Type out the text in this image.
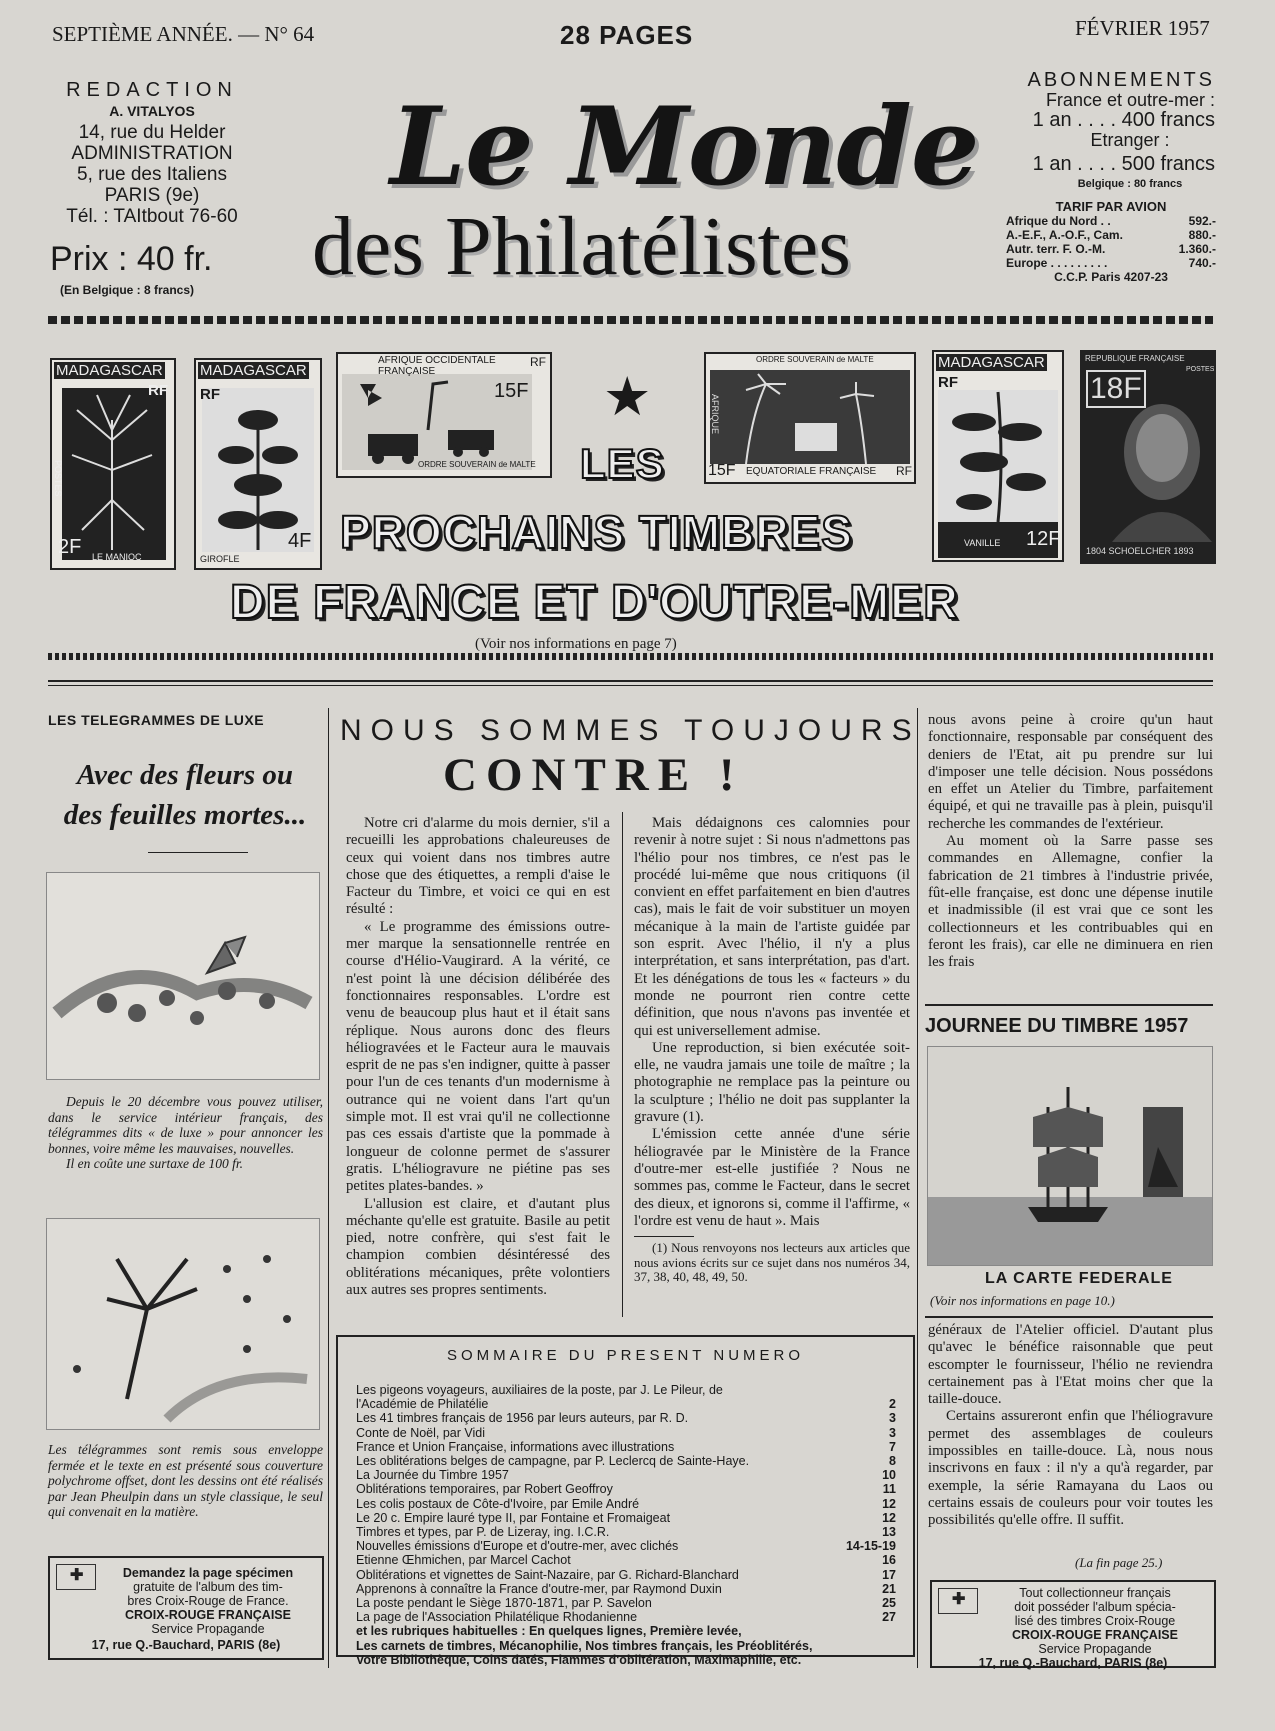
SEPTIÈME ANNÉE. — N° 64	28 PAGES	FÉVRIER 1957
REDACTION
A. VITALYOS
14, rue du Helder
ADMINISTRATION
5, rue des Italiens
PARIS (9e)
Tél. : TAItbout 76-60
Prix : 40 fr.
(En Belgique : 8 francs)
Le Monde
des Philatélistes
ABONNEMENTS
France et outre-mer :
1 an . . . . 400 francs
Etranger :
1 an . . . . 500 francs
Belgique : 80 francs
TARIF PAR AVION
Afrique du Nord . .	592.-
A.-E.F., A.-O.F., Cam.	880.-
Autr. terr. F. O.-M.	1.360.-
Europe . . . . . . . . .	740.-
C.C.P. Paris 4207-23
MADAGASCAR
RF
2F LE MANIOC
POSTES
MADAGASCAR
RF
4F
GIROFLE
AFRIQUE OCCIDENTALE FRANÇAISE
RF
15F
ORDRE SOUVERAIN de MALTE
★
ORDRE SOUVERAIN de MALTE
15F EQUATORIALE FRANÇAISE RF
AFRIQUE
MADAGASCAR
RF
12F
VANILLE
REPUBLIQUE FRANÇAISE
POSTES
18F
1804 SCHOELCHER 1893
LES
PROCHAINS TIMBRES
DE FRANCE ET D'OUTRE-MER
(Voir nos informations en page 7)
LES TELEGRAMMES DE LUXE
Avec des fleurs ou
des feuilles mortes...

Depuis le 20 décembre vous pouvez utiliser, dans le service intérieur français, des télégrammes dits « de luxe » pour annoncer les bonnes, voire même les mauvaises, nouvelles.

Il en coûte une surtaxe de 100 fr.

Les télégrammes sont remis sous enveloppe fermée et le texte en est présenté sous couverture polychrome offset, dont les dessins ont été réalisés par Jean Pheulpin dans un style classique, le seul qui convenait en la matière.
✚	Demandez la page spécimen
gratuite de l'album des tim-
bres Croix-Rouge de France.
CROIX-ROUGE FRANÇAISE
Service Propagande
17, rue Q.-Bauchard, PARIS (8e)
NOUS SOMMES TOUJOURS
CONTRE !

Notre cri d'alarme du mois dernier, s'il a recueilli les approbations chaleureuses de ceux qui voient dans nos timbres autre chose que des étiquettes, a rempli d'aise le Facteur du Timbre, et voici ce qui en est résulté :

« Le programme des émissions outre-mer marque la sensationnelle rentrée en course d'Hélio-Vaugirard. A la vérité, ce n'est point là une décision délibérée des fonctionnaires responsables. L'ordre est venu de beaucoup plus haut et il était sans réplique. Nous aurons donc des fleurs héliogravées et le Facteur aura le mauvais esprit de ne pas s'en indigner, quitte à passer pour l'un de ces tenants d'un modernisme à outrance qui ne voient dans l'art qu'un simple mot. Il est vrai qu'il ne collectionne pas ces essais d'artiste que la pommade à longueur de colonne permet de s'assurer gratis. L'héliogravure ne piétine pas ses petites plates-bandes. »

L'allusion est claire, et d'autant plus méchante qu'elle est gratuite. Basile au petit pied, notre confrère, qui s'est fait le champion combien désintéressé des oblitérations mécaniques, prête volontiers aux autres ses propres sentiments.

Mais dédaignons ces calomnies pour revenir à notre sujet : Si nous n'admettons pas l'hélio pour nos timbres, ce n'est pas le procédé lui-même que nous critiquons (il convient en effet parfaitement en bien d'autres cas), mais le fait de voir substituer un moyen mécanique à la main de l'artiste guidée par son esprit. Avec l'hélio, il n'y a plus interprétation, et sans interprétation, pas d'art. Et les dénégations de tous les « facteurs » du monde ne pourront rien contre cette définition, que nous n'avons pas inventée et qui est universellement admise.

Une reproduction, si bien exécutée soit-elle, ne vaudra jamais une toile de maître ; la photographie ne remplace pas la peinture ou la sculpture ; l'hélio ne doit pas supplanter la gravure (1).

L'émission cette année d'une série héliogravée par le Ministère de la France d'outre-mer est-elle justifiée ? Nous ne sommes pas, comme le Facteur, dans le secret des dieux, et ignorons si, comme il l'affirme, « l'ordre est venu de haut ». Mais

(1) Nous renvoyons nos lecteurs aux articles que nous avions écrits sur ce sujet dans nos numéros 34, 37, 38, 40, 48, 49, 50.

nous avons peine à croire qu'un haut fonctionnaire, responsable par conséquent des deniers de l'Etat, ait pu prendre sur lui d'imposer une telle décision. Nous possédons en effet un Atelier du Timbre, parfaitement équipé, et qui ne travaille pas à plein, puisqu'il recherche les commandes de l'extérieur.

Au moment où la Sarre passe ses commandes en Allemagne, confier la fabrication de 21 timbres à l'industrie privée, fût-elle française, est donc une dépense inutile et inadmissible (il est vrai que ce sont les collectionneurs et les contribuables qui en feront les frais), car elle ne diminuera en rien les frais

JOURNEE DU TIMBRE 1957
LA CARTE FEDERALE
(Voir nos informations en page 10.)

généraux de l'Atelier officiel. D'autant plus qu'avec le bénéfice raisonnable que peut escompter le fournisseur, l'hélio ne reviendra certainement pas à l'Etat moins cher que la taille-douce.

Certains assureront enfin que l'héliogravure permet des assemblages de couleurs impossibles en taille-douce. Là, nous nous inscrivons en faux : il n'y a qu'à regarder, par exemple, la série Ramayana du Laos ou certains essais de couleurs pour voir toutes les possibilités qu'elle offre. Il suffit.

(La fin page 25.)
✚	Tout collectionneur français
doit posséder l'album spécia-
lisé des timbres Croix-Rouge
CROIX-ROUGE FRANÇAISE
Service Propagande
17, rue Q.-Bauchard, PARIS (8e)
SOMMAIRE DU PRESENT NUMERO
Les pigeons voyageurs, auxiliaires de la poste, par J. Le Pileur, de
l'Académie de Philatélie	2
Les 41 timbres français de 1956 par leurs auteurs, par R. D.	3
Conte de Noël, par Vidi	3
France et Union Française, informations avec illustrations	7
Les oblitérations belges de campagne, par P. Leclercq de Sainte-Haye.	8
La Journée du Timbre 1957	10
Oblitérations temporaires, par Robert Geoffroy	11
Les colis postaux de Côte-d'Ivoire, par Emile André	12
Le 20 c. Empire lauré type II, par Fontaine et Fromaigeat	12
Timbres et types, par P. de Lizeray, ing. I.C.R.	13
Nouvelles émissions d'Europe et d'outre-mer, avec clichés	14-15-19
Etienne Œhmichen, par Marcel Cachot	16
Oblitérations et vignettes de Saint-Nazaire, par G. Richard-Blanchard	17
Apprenons à connaître la France d'outre-mer, par Raymond Duxin	21
La poste pendant le Siège 1870-1871, par P. Savelon	25
La page de l'Association Philatélique Rhodanienne	27
et les rubriques habituelles : En quelques lignes, Première levée,
Les carnets de timbres, Mécanophilie, Nos timbres français, les Préoblitérés,
Votre Bibliothèque, Coins datés, Flammes d'oblitération, Maximaphilie, etc.
